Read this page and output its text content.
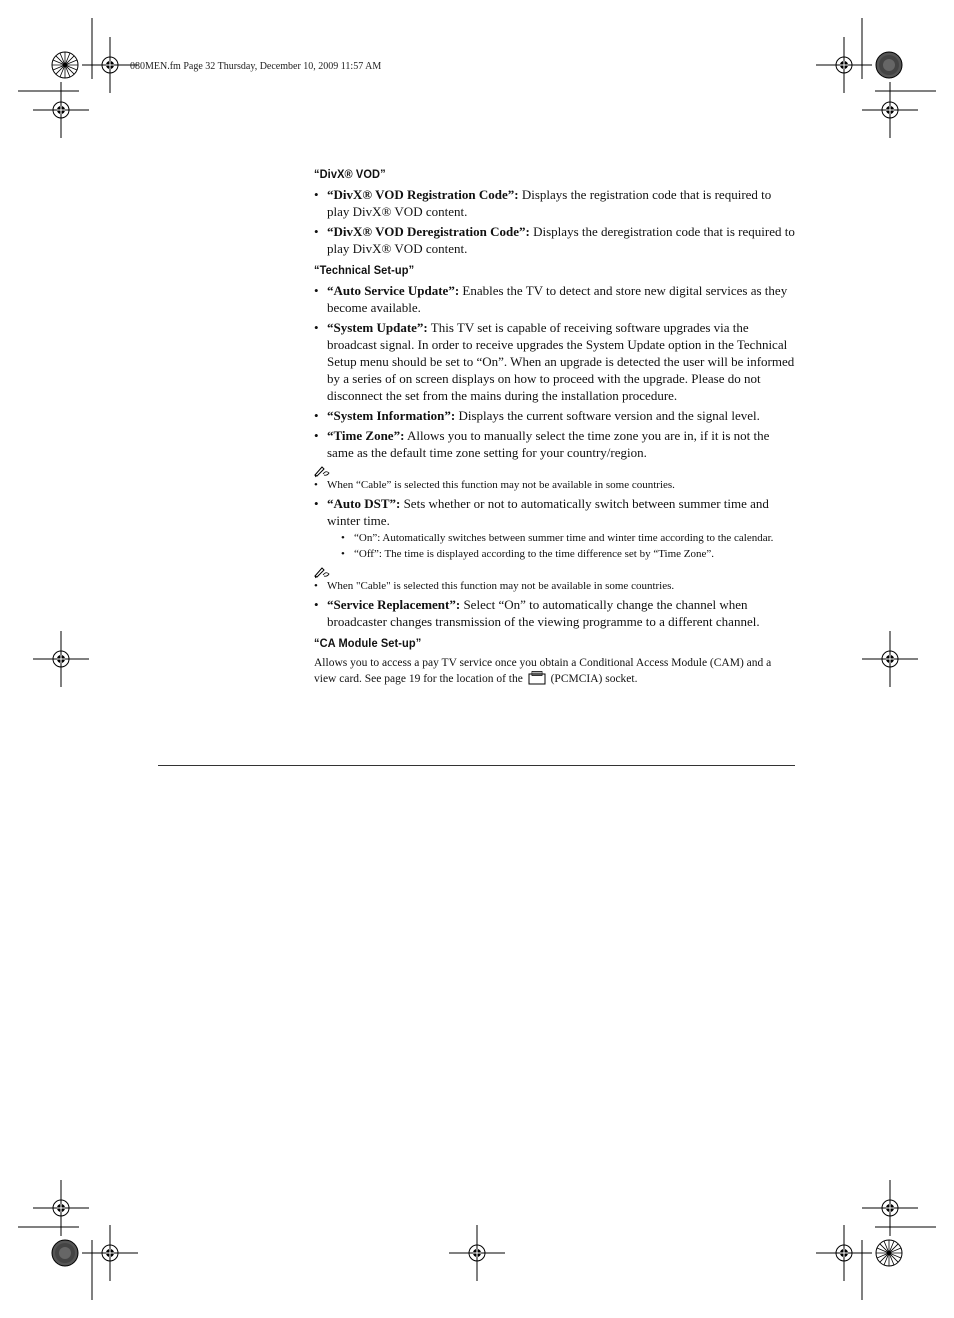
080MEN.fm Page 32 Thursday, December 10, 2009 11:57 AM
“DivX® VOD”
• “DivX® VOD Registration Code”: Displays the registration code that is required to play DivX® VOD content.
• “DivX® VOD Deregistration Code”: Displays the deregistration code that is required to play DivX® VOD content.
“Technical Set-up”
• “Auto Service Update”: Enables the TV to detect and store new digital services as they become available.
• “System Update”: This TV set is capable of receiving software upgrades via the broadcast signal. In order to receive upgrades the System Update option in the Technical Setup menu should be set to “On”. When an upgrade is detected the user will be informed by a series of on screen displays on how to proceed with the upgrade. Please do not disconnect the set from the mains during the installation procedure.
• “System Information”: Displays the current software version and the signal level.
• “Time Zone”: Allows you to manually select the time zone you are in, if it is not the same as the default time zone setting for your country/region.
• When “Cable” is selected this function may not be available in some countries.
• “Auto DST”: Sets whether or not to automatically switch between summer time and winter time.
• “On”: Automatically switches between summer time and winter time according to the calendar.
• “Off”: The time is displayed according to the time difference set by “Time Zone”.
• When "Cable" is selected this function may not be available in some countries.
• “Service Replacement”: Select “On” to automatically change the channel when broadcaster changes transmission of the viewing programme to a different channel.
“CA Module Set-up”

Allows you to access a pay TV service once you obtain a Conditional Access Module (CAM) and a view card. See page 19 for the location of the  (PCMCIA) socket.
